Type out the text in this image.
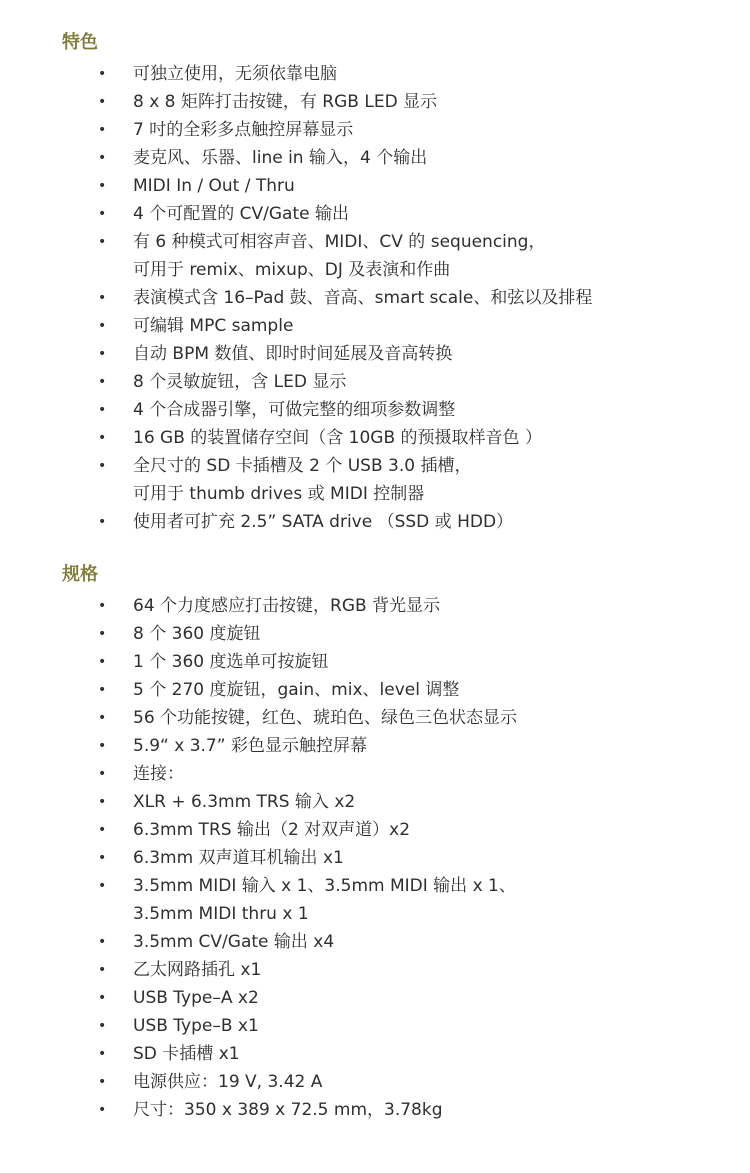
特色
• 可独立使用，无须依靠电脑
• 8 x 8 矩阵打击按键，有 RGB LED 显示
• 7 吋的全彩多点触控屏幕显示
• 麦克风、乐器、line in 输入，4 个输出
• MIDI In / Out / Thru
• 4 个可配置的 CV/Gate 输出
• 有 6 种模式可相容声音、MIDI、CV 的 sequencing，
可用于 remix、mixup、DJ 及表演和作曲
• 表演模式含 16–Pad 鼓、音高、smart scale、和弦以及排程
• 可编辑 MPC sample
• 自动 BPM 数值、即时时间延展及音高转换
• 8 个灵敏旋钮，含 LED 显示
• 4 个合成器引擎，可做完整的细项参数调整
• 16 GB 的装置储存空间（含 10GB 的预摄取样音色 ）
• 全尺寸的 SD 卡插槽及 2 个 USB 3.0 插槽，
可用于 thumb drives 或 MIDI 控制器
• 使用者可扩充 2.5” SATA drive （SSD 或 HDD）
规格
• 64 个力度感应打击按键，RGB 背光显示
• 8 个 360 度旋钮
• 1 个 360 度选单可按旋钮
• 5 个 270 度旋钮，gain、mix、level 调整
• 56 个功能按键，红色、琥珀色、绿色三色状态显示
• 5.9“ x 3.7” 彩色显示触控屏幕
• 连接：
• XLR + 6.3mm TRS 输入 x2
• 6.3mm TRS 输出（2 对双声道）x2
• 6.3mm 双声道耳机输出 x1
• 3.5mm MIDI 输入 x 1、3.5mm MIDI 输出 x 1、
3.5mm MIDI thru x 1
• 3.5mm CV/Gate 输出 x4
• 乙太网路插孔 x1
• USB Type–A x2
• USB Type–B x1
• SD 卡插槽 x1
• 电源供应：19 V, 3.42 A
• 尺寸：350 x 389 x 72.5 mm，3.78kg
